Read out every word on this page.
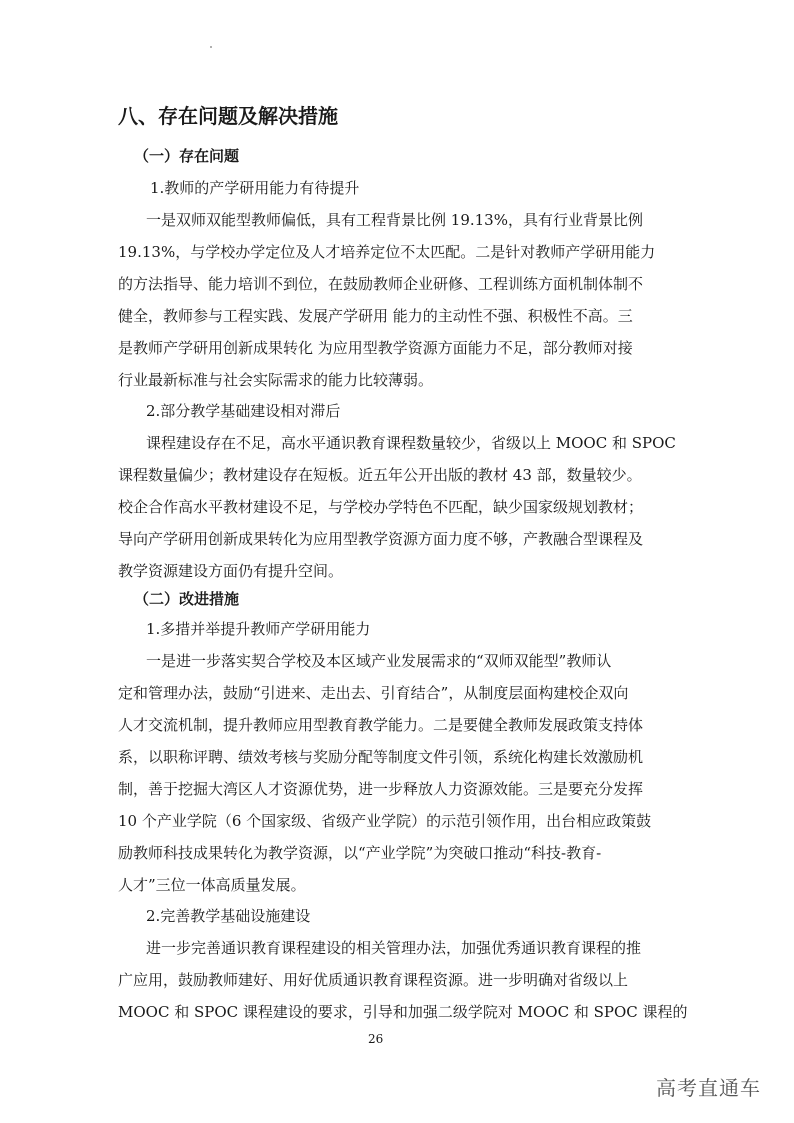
八、存在问题及解决措施
（一）存在问题
1.教师的产学研用能力有待提升
一是双师双能型教师偏低，具有工程背景比例 19.13%，具有行业背景比例
19.13%，与学校办学定位及人才培养定位不太匹配。二是针对教师产学研用能力
的方法指导、能力培训不到位，在鼓励教师企业研修、工程训练方面机制体制不
健全，教师参与工程实践、发展产学研用 能力的主动性不强、积极性不高。三
是教师产学研用创新成果转化 为应用型教学资源方面能力不足，部分教师对接
行业最新标准与社会实际需求的能力比较薄弱。
2.部分教学基础建设相对滞后
课程建设存在不足，高水平通识教育课程数量较少，省级以上 MOOC 和 SPOC
课程数量偏少；教材建设存在短板。近五年公开出版的教材 43 部，数量较少。
校企合作高水平教材建设不足，与学校办学特色不匹配，缺少国家级规划教材；
导向产学研用创新成果转化为应用型教学资源方面力度不够，产教融合型课程及
教学资源建设方面仍有提升空间。
（二）改进措施
1.多措并举提升教师产学研用能力
一是进一步落实契合学校及本区域产业发展需求的“双师双能型”教师认
定和管理办法，鼓励“引进来、走出去、引育结合”，从制度层面构建校企双向
人才交流机制，提升教师应用型教育教学能力。二是要健全教师发展政策支持体
系，以职称评聘、绩效考核与奖励分配等制度文件引领，系统化构建长效激励机
制，善于挖掘大湾区人才资源优势，进一步释放人力资源效能。三是要充分发挥
10 个产业学院（6 个国家级、省级产业学院）的示范引领作用，出台相应政策鼓
励教师科技成果转化为教学资源，以“产业学院”为突破口推动“科技-教育-
人才”三位一体高质量发展。
2.完善教学基础设施建设
进一步完善通识教育课程建设的相关管理办法，加强优秀通识教育课程的推
广应用，鼓励教师建好、用好优质通识教育课程资源。进一步明确对省级以上
MOOC 和 SPOC 课程建设的要求，引导和加强二级学院对 MOOC 和 SPOC 课程的
26
高考直通车
